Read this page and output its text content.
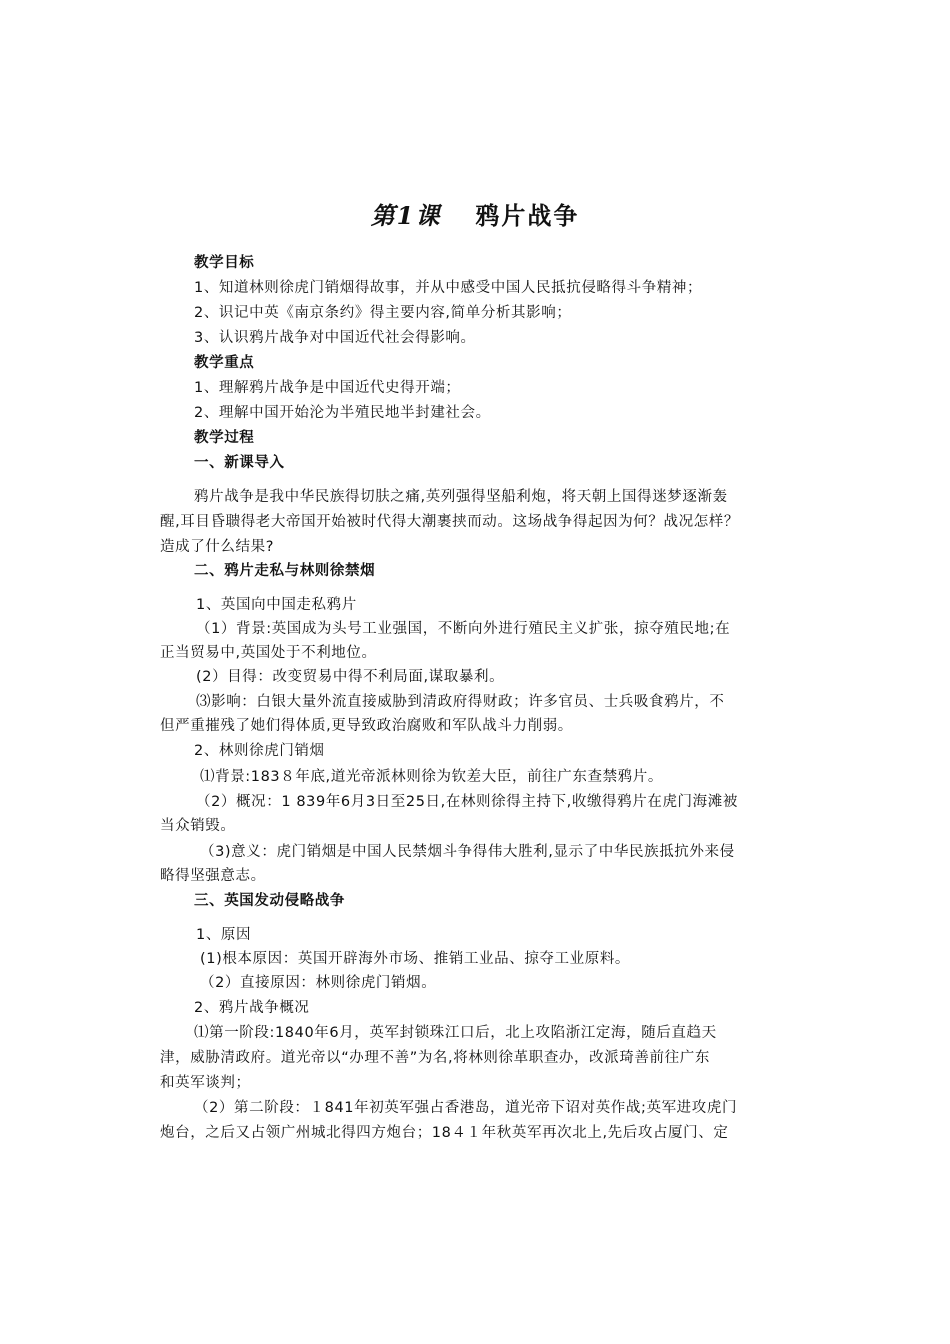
第1课 鸦片战争
教学目标
1、知道林则徐虎门销烟得故事，并从中感受中国人民抵抗侵略得斗争精神；
2、识记中英《南京条约》得主要内容,简单分析其影响；
3、认识鸦片战争对中国近代社会得影响。
教学重点
1、理解鸦片战争是中国近代史得开端；
2、理解中国开始沦为半殖民地半封建社会。
教学过程
一、新课导入
鸦片战争是我中华民族得切肤之痛,英列强得坚船利炮，将天朝上国得迷梦逐渐轰
醒,耳目昏聩得老大帝国开始被时代得大潮裹挟而动。这场战争得起因为何？战况怎样？
造成了什么结果?
二、鸦片走私与林则徐禁烟
1、英国向中国走私鸦片
（1）背景:英国成为头号工业强国，不断向外进行殖民主义扩张，掠夺殖民地;在
正当贸易中,英国处于不利地位。
(2）目得：改变贸易中得不利局面,谋取暴利。
⑶影响：白银大量外流直接威胁到清政府得财政；许多官员、士兵吸食鸦片，不
但严重摧残了她们得体质,更导致政治腐败和军队战斗力削弱。
2、林则徐虎门销烟
⑴背景:183８年底,道光帝派林则徐为钦差大臣，前往广东查禁鸦片。
（2）概况：1 839年6月3日至25日,在林则徐得主持下,收缴得鸦片在虎门海滩被
当众销毁。
（3)意义：虎门销烟是中国人民禁烟斗争得伟大胜利,显示了中华民族抵抗外来侵
略得坚强意志。
三、英国发动侵略战争
1、原因
(1)根本原因：英国开辟海外市场、推销工业品、掠夺工业原料。
（2）直接原因：林则徐虎门销烟。
2、鸦片战争概况
⑴第一阶段:1840年6月，英军封锁珠江口后，北上攻陷浙江定海，随后直趋天
津，威胁清政府。道光帝以“办理不善”为名,将林则徐革职查办，改派琦善前往广东
和英军谈判；
（2）第二阶段：１841年初英军强占香港岛，道光帝下诏对英作战;英军进攻虎门
炮台，之后又占领广州城北得四方炮台；18４１年秋英军再次北上,先后攻占厦门、定
